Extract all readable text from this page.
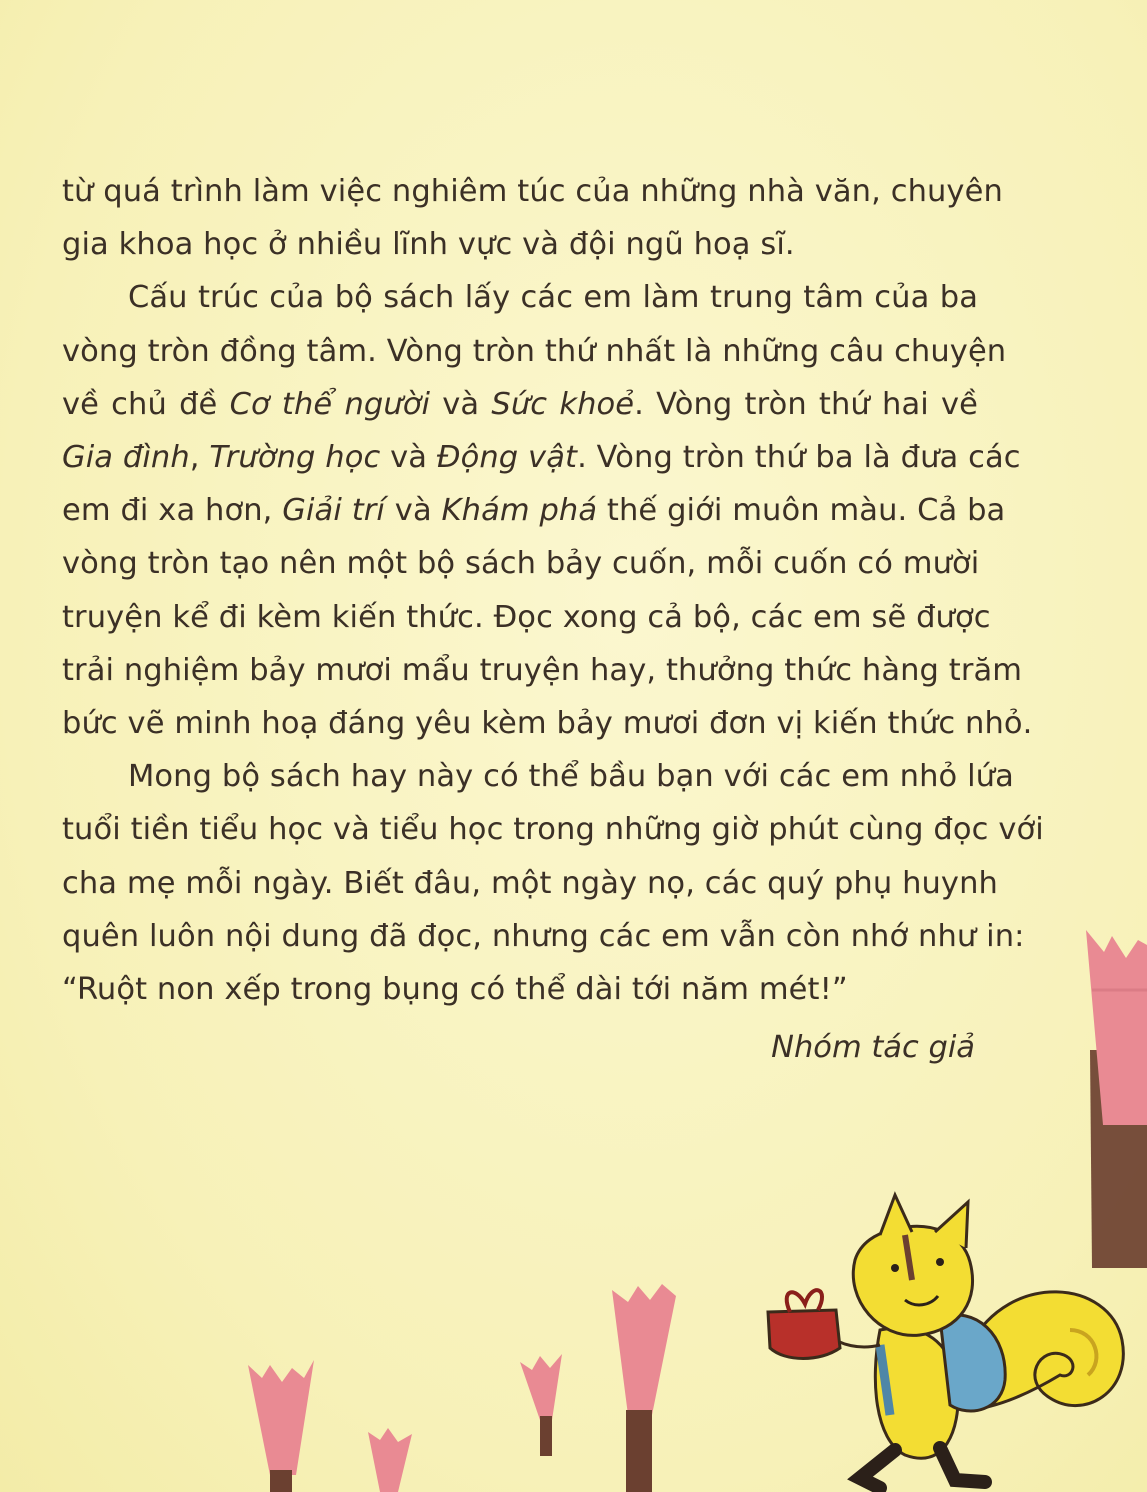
từ quá trình làm việc nghiêm túc của những nhà văn, chuyên
gia khoa học ở nhiều lĩnh vực và đội ngũ hoạ sĩ.
Cấu trúc của bộ sách lấy các em làm trung tâm của ba
vòng tròn đồng tâm. Vòng tròn thứ nhất là những câu chuyện
về chủ đề Cơ thể người và Sức khoẻ. Vòng tròn thứ hai về
Gia đình, Trường học và Động vật. Vòng tròn thứ ba là đưa các
em đi xa hơn, Giải trí và Khám phá thế giới muôn màu. Cả ba
vòng tròn tạo nên một bộ sách bảy cuốn, mỗi cuốn có mười
truyện kể đi kèm kiến thức. Đọc xong cả bộ, các em sẽ được
trải nghiệm bảy mươi mẩu truyện hay, thưởng thức hàng trăm
bức vẽ minh hoạ đáng yêu kèm bảy mươi đơn vị kiến thức nhỏ.
Mong bộ sách hay này có thể bầu bạn với các em nhỏ lứa
tuổi tiền tiểu học và tiểu học trong những giờ phút cùng đọc với
cha mẹ mỗi ngày. Biết đâu, một ngày nọ, các quý phụ huynh
quên luôn nội dung đã đọc, nhưng các em vẫn còn nhớ như in:
“Ruột non xếp trong bụng có thể dài tới năm mét!”
Nhóm tác giả
